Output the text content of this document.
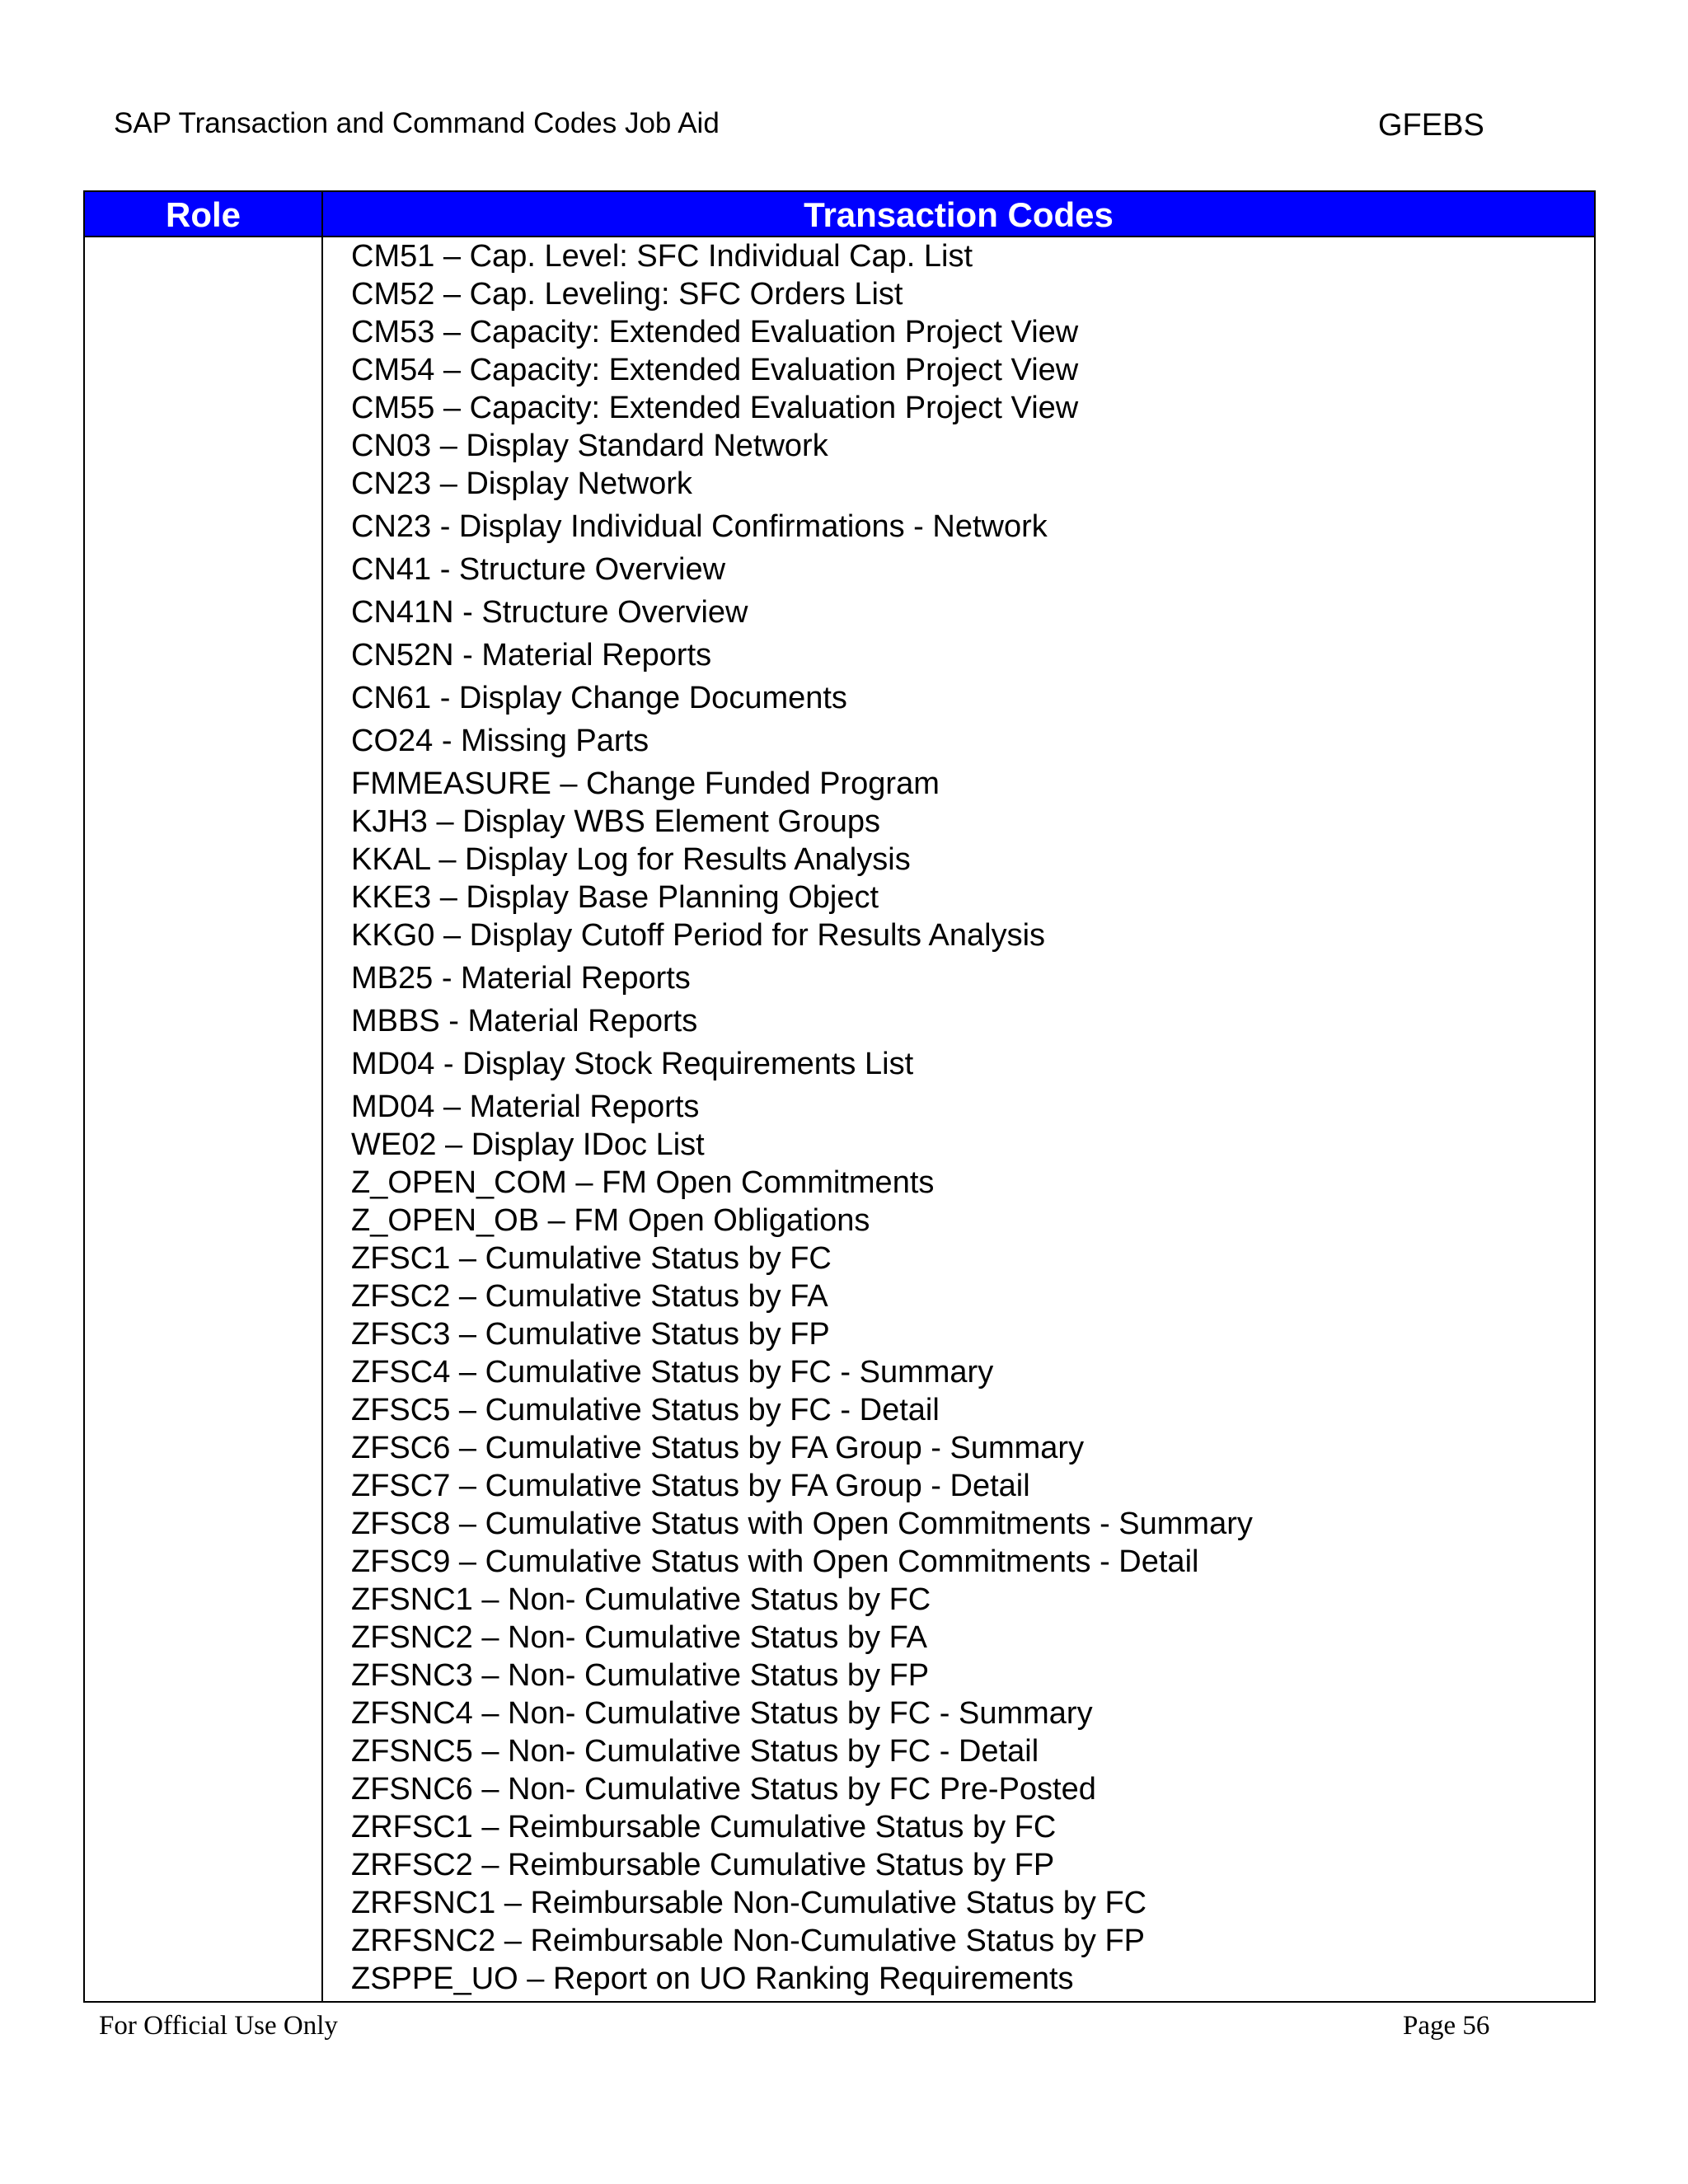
SAP Transaction and Command Codes Job Aid	GFEBS
Role	Transaction Codes
CM51 – Cap. Level: SFC Individual Cap. List
CM52 – Cap. Leveling: SFC Orders List
CM53 – Capacity: Extended Evaluation Project View
CM54 – Capacity: Extended Evaluation Project View
CM55 – Capacity: Extended Evaluation Project View
CN03 – Display Standard Network
CN23 – Display Network
CN23 - Display Individual Confirmations - Network
CN41 - Structure Overview
CN41N - Structure Overview
CN52N - Material Reports
CN61 - Display Change Documents
CO24 - Missing Parts
FMMEASURE – Change Funded Program
KJH3 – Display WBS Element Groups
KKAL – Display Log for Results Analysis
KKE3 – Display Base Planning Object
KKG0 – Display Cutoff Period for Results Analysis
MB25 - Material Reports
MBBS - Material Reports
MD04 - Display Stock Requirements List
MD04 – Material Reports
WE02 – Display IDoc List
Z_OPEN_COM – FM Open Commitments
Z_OPEN_OB – FM Open Obligations
ZFSC1 – Cumulative Status by FC
ZFSC2 – Cumulative Status by FA
ZFSC3 – Cumulative Status by FP
ZFSC4 – Cumulative Status by FC - Summary
ZFSC5 – Cumulative Status by FC - Detail
ZFSC6 – Cumulative Status by FA Group - Summary
ZFSC7 – Cumulative Status by FA Group - Detail
ZFSC8 – Cumulative Status with Open Commitments - Summary
ZFSC9 – Cumulative Status with Open Commitments - Detail
ZFSNC1 – Non- Cumulative Status by FC
ZFSNC2 – Non- Cumulative Status by FA
ZFSNC3 – Non- Cumulative Status by FP
ZFSNC4 – Non- Cumulative Status by FC - Summary
ZFSNC5 – Non- Cumulative Status by FC - Detail
ZFSNC6 – Non- Cumulative Status by FC Pre-Posted
ZRFSC1 – Reimbursable Cumulative Status by FC
ZRFSC2 – Reimbursable Cumulative Status by FP
ZRFSNC1 – Reimbursable Non-Cumulative Status by FC
ZRFSNC2 – Reimbursable Non-Cumulative Status by FP
ZSPPE_UO – Report on UO Ranking Requirements
For Official Use Only	Page 56
